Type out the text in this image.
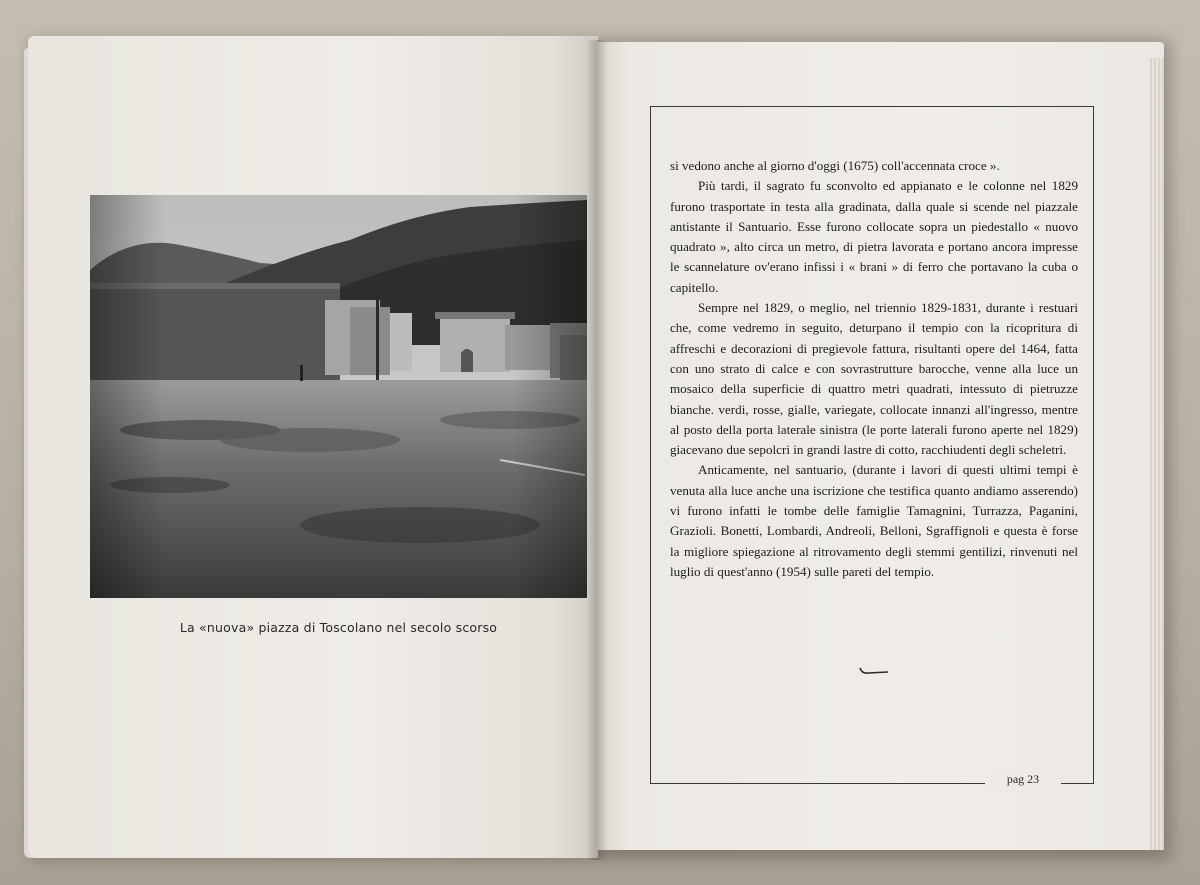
La «nuova» piazza di Toscolano nel secolo scorso

si vedono anche al giorno d'oggi (1675) coll'accennata croce ».

Più tardi, il sagrato fu sconvolto ed appianato e le colonne nel 1829 furono trasportate in testa alla gradinata, dalla quale si scende nel piazzale antistante il Santuario. Esse furono collocate sopra un piedestallo « nuovo quadrato », alto circa un metro, di pietra lavorata e portano ancora impresse le scannelature ov'erano infissi i « brani » di ferro che portavano la cuba o capitello.

Sempre nel 1829, o meglio, nel triennio 1829-1831, durante i restuari che, come vedremo in seguito, deturpano il tempio con la ricopritura di affreschi e decorazioni di pregievole fattura, risultanti opere del 1464, fatta con uno strato di calce e con sovrastrutture barocche, venne alla luce un mosaico della superficie di quattro metri quadrati, intessuto di pietruzze bianche. verdi, rosse, gialle, variegate, collocate innanzi all'ingresso, mentre al posto della porta laterale sinistra (le porte laterali furono aperte nel 1829) giacevano due sepolcri in grandi lastre di cotto, racchiudenti degli scheletri.

Anticamente, nel santuario, (durante i lavori di questi ultimi tempi è venuta alla luce anche una iscrizione che testifica quanto andiamo asserendo) vi furono infatti le tombe delle famiglie Tamagnini, Turrazza, Paganini, Grazioli. Bonetti, Lombardi, Andreoli, Belloni, Sgraffignoli e questa è forse la migliore spiegazione al ritrovamento degli stemmi gentilizi, rinvenuti nel luglio di quest'anno (1954) sulle pareti del tempio.

pag 23
